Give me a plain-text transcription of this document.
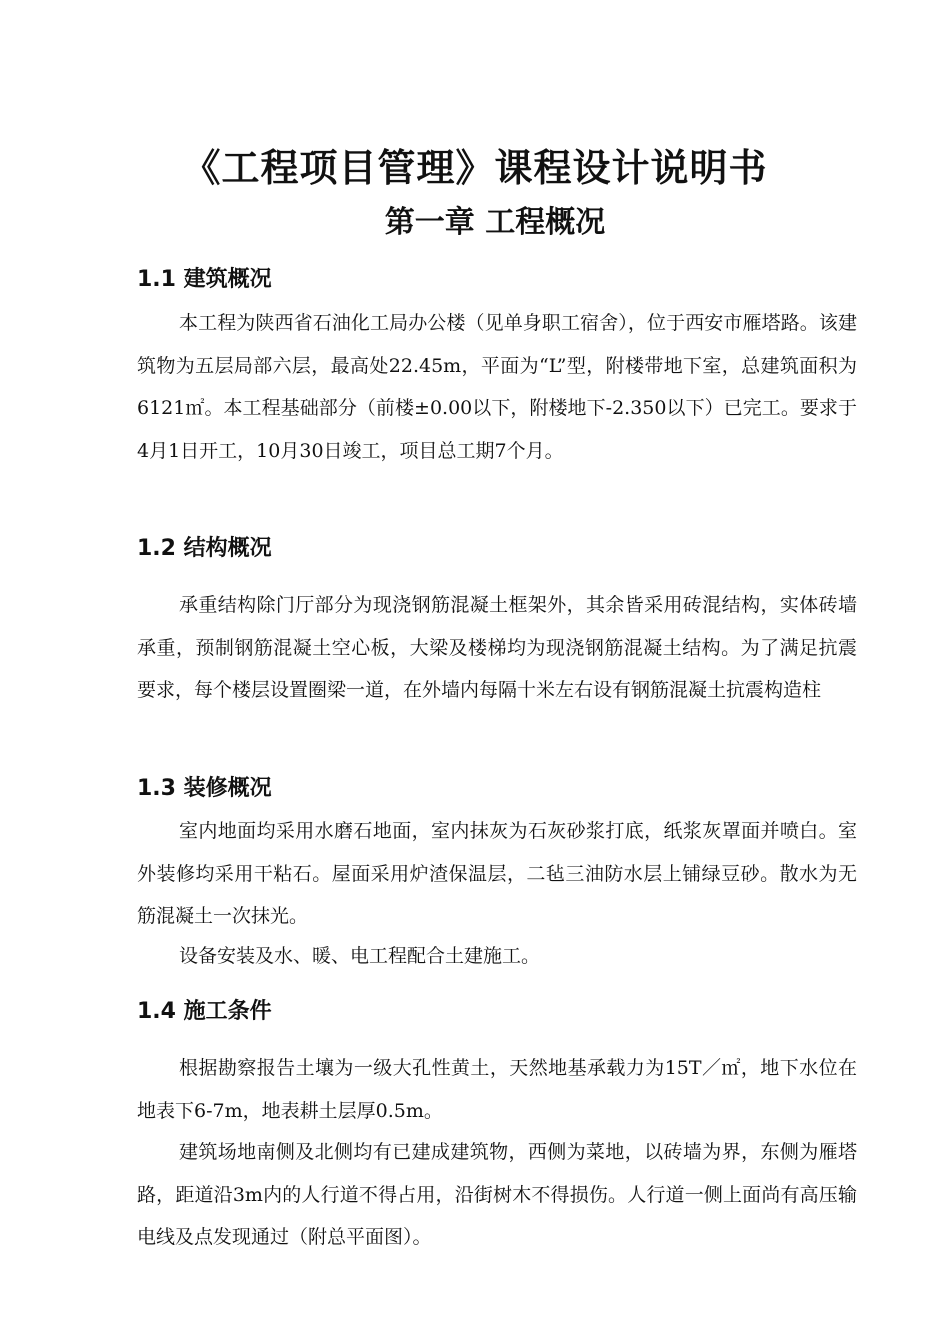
《工程项目管理》课程设计说明书
第一章 工程概况
1.1 建筑概况

本工程为陕西省石油化工局办公楼（见单身职工宿舍），位于西安市雁塔路。该建筑物为五层局部六层，最高处22.45m，平面为“L”型，附楼带地下室，总建筑面积为6121㎡。本工程基础部分（前楼±0.00以下，附楼地下-2.350以下）已完工。要求于4月1日开工，10月30日竣工，项目总工期7个月。

1.2 结构概况

承重结构除门厅部分为现浇钢筋混凝土框架外，其余皆采用砖混结构，实体砖墙承重，预制钢筋混凝土空心板，大梁及楼梯均为现浇钢筋混凝土结构。为了满足抗震要求，每个楼层设置圈梁一道，在外墙内每隔十米左右设有钢筋混凝土抗震构造柱

1.3 装修概况

室内地面均采用水磨石地面，室内抹灰为石灰砂浆打底，纸浆灰罩面并喷白。室外装修均采用干粘石。屋面采用炉渣保温层，二毡三油防水层上铺绿豆砂。散水为无筋混凝土一次抹光。

设备安装及水、暖、电工程配合土建施工。

1.4 施工条件

根据勘察报告土壤为一级大孔性黄土，天然地基承载力为15T／㎡，地下水位在地表下6-7m，地表耕土层厚0.5m。

建筑场地南侧及北侧均有已建成建筑物，西侧为菜地，以砖墙为界，东侧为雁塔路，距道沿3m内的人行道不得占用，沿街树木不得损伤。人行道一侧上面尚有高压输电线及点发现通过（附总平面图）。
